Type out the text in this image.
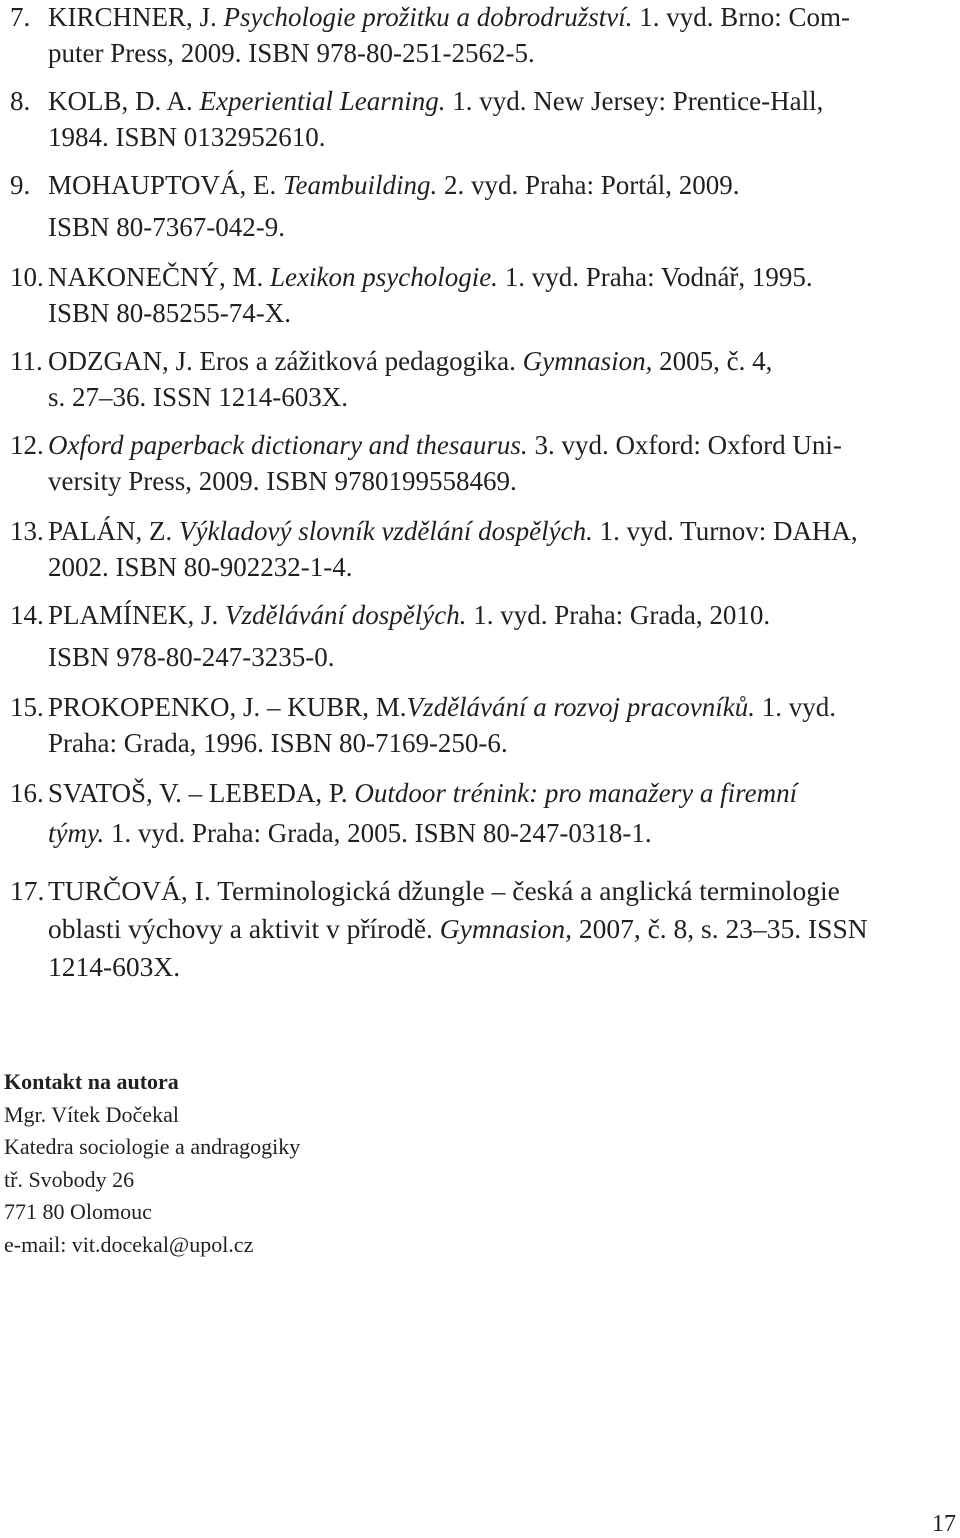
7. KIRCHNER, J. Psychologie prožitku a dobrodružství. 1. vyd. Brno: Com-
puter Press, 2009. ISBN 978-80-251-2562-5.
8. KOLB, D. A. Experiential Learning. 1. vyd. New Jersey: Prentice-Hall,
1984. ISBN 0132952610.
9. MOHAUPTOVÁ, E. Teambuilding. 2. vyd. Praha: Portál, 2009.
ISBN 80-7367-042-9.
10. NAKONEČNÝ, M. Lexikon psychologie. 1. vyd. Praha: Vodnář, 1995.
ISBN 80-85255-74-X.
11. ODZGAN, J. Eros a zážitková pedagogika. Gymnasion, 2005, č. 4,
s. 27–36. ISSN 1214-603X.
12. Oxford paperback dictionary and thesaurus. 3. vyd. Oxford: Oxford Uni-
versity Press, 2009. ISBN 9780199558469.
13. PALÁN, Z. Výkladový slovník vzdělání dospělých. 1. vyd. Turnov: DAHA,
2002. ISBN 80-902232-1-4.
14. PLAMÍNEK, J. Vzdělávání dospělých. 1. vyd. Praha: Grada, 2010.
ISBN 978-80-247-3235-0.
15. PROKOPENKO, J. – KUBR, M.Vzdělávání a rozvoj pracovníků. 1. vyd.
Praha: Grada, 1996. ISBN 80-7169-250-6.
16. SVATOŠ, V. – LEBEDA, P. Outdoor trénink: pro manažery a firemní
týmy. 1. vyd. Praha: Grada, 2005. ISBN 80-247-0318-1.
17. TURČOVÁ, I. Terminologická džungle – česká a anglická terminologie
oblasti výchovy a aktivit v přírodě. Gymnasion, 2007, č. 8, s. 23–35. ISSN
1214-603X.
Kontakt na autora
Mgr. Vítek Dočekal
Katedra sociologie a andragogiky
tř. Svobody 26
771 80 Olomouc
e-mail: vit.docekal@upol.cz
17
